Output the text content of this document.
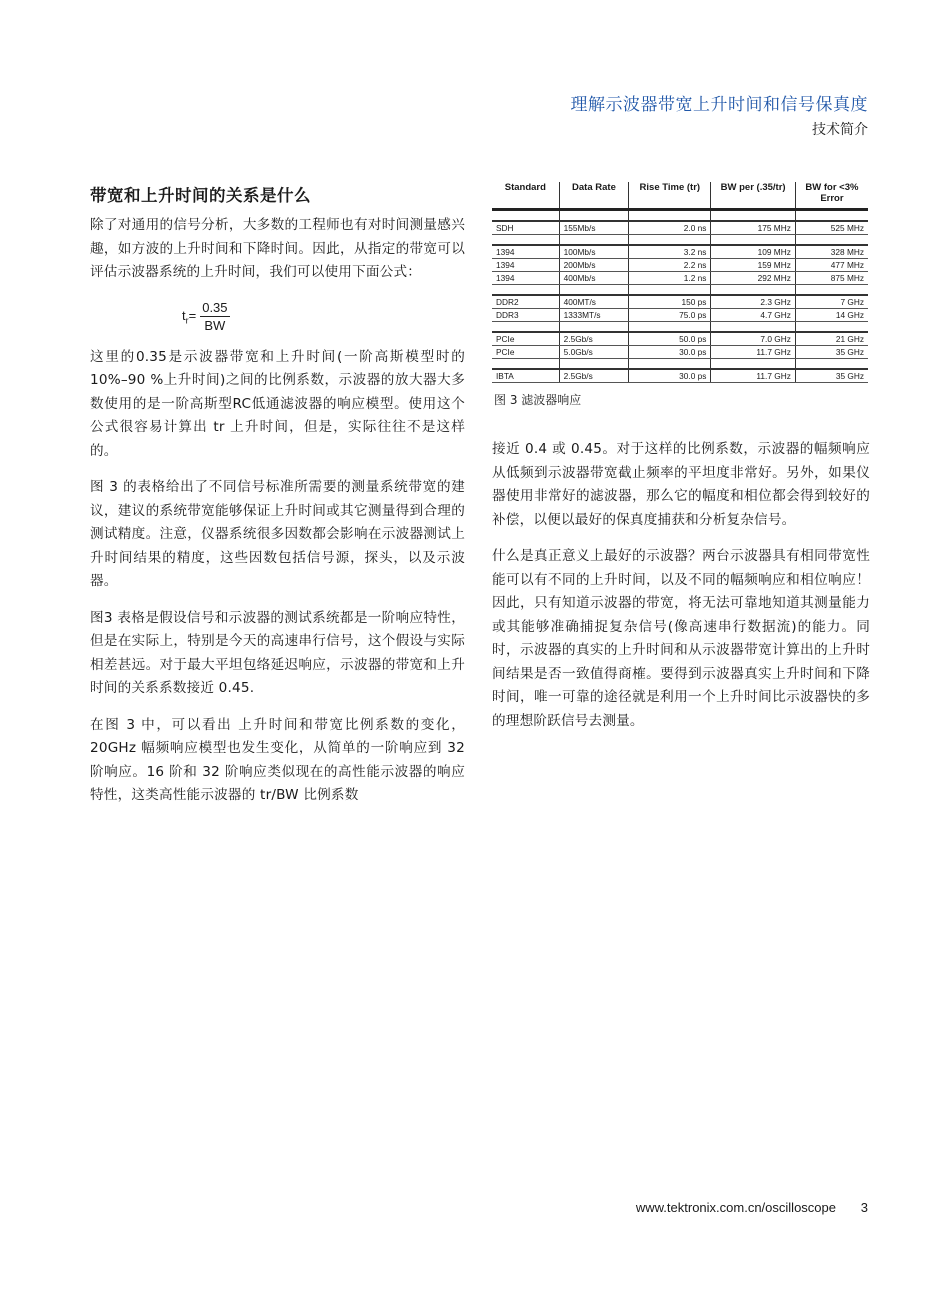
理解示波器带宽上升时间和信号保真度
技术简介
带宽和上升时间的关系是什么

除了对通用的信号分析，大多数的工程师也有对时间测量感兴趣，如方波的上升时间和下降时间。因此，从指定的带宽可以评估示波器系统的上升时间，我们可以使用下面公式：

$t_r= \frac{0.35}{BW}$

这里的0.35是示波器带宽和上升时间(一阶高斯模型时的 10%–90 %上升时间)之间的比例系数，示波器的放大器大多数使用的是一阶高斯型RC低通滤波器的响应模型。使用这个公式很容易计算出 tr 上升时间，但是，实际往往不是这样的。

图 3 的表格给出了不同信号标准所需要的测量系统带宽的建议，建议的系统带宽能够保证上升时间或其它测量得到合理的测试精度。注意，仪器系统很多因数都会影响在示波器测试上升时间结果的精度，这些因数包括信号源，探头，以及示波器。

图3 表格是假设信号和示波器的测试系统都是一阶响应特性，但是在实际上，特别是今天的高速串行信号，这个假设与实际相差甚远。对于最大平坦包络延迟响应，示波器的带宽和上升时间的关系系数接近 0.45.

在图 3 中，可以看出 上升时间和带宽比例系数的变化，20GHz 幅频响应模型也发生变化，从简单的一阶响应到 32 阶响应。16 阶和 32 阶响应类似现在的高性能示波器的响应特性，这类高性能示波器的 tr/BW 比例系数

Standard	Data Rate	Rise Time (tr)	BW per (.35/tr)	BW for <3% Error

SDH	155Mb/s	2.0 ns	175 MHz	525 MHz

1394	100Mb/s	3.2 ns	109 MHz	328 MHz
1394	200Mb/s	2.2 ns	159 MHz	477 MHz
1394	400Mb/s	1.2 ns	292 MHz	875 MHz

DDR2	400MT/s	150 ps	2.3 GHz	7 GHz
DDR3	1333MT/s	75.0 ps	4.7 GHz	14 GHz

PCIe	2.5Gb/s	50.0 ps	7.0 GHz	21 GHz
PCIe	5.0Gb/s	30.0 ps	11.7 GHz	35 GHz

IBTA	2.5Gb/s	30.0 ps	11.7 GHz	35 GHz
图 3 滤波器响应

接近 0.4 或 0.45。对于这样的比例系数，示波器的幅频响应从低频到示波器带宽截止频率的平坦度非常好。另外，如果仪器使用非常好的滤波器，那么它的幅度和相位都会得到较好的补偿，以便以最好的保真度捕获和分析复杂信号。

什么是真正意义上最好的示波器？两台示波器具有相同带宽性能可以有不同的上升时间，以及不同的幅频响应和相位响应！因此，只有知道示波器的带宽，将无法可靠地知道其测量能力或其能够准确捕捉复杂信号(像高速串行数据流)的能力。同时，示波器的真实的上升时间和从示波器带宽计算出的上升时间结果是否一致值得商榷。要得到示波器真实上升时间和下降时间，唯一可靠的途径就是利用一个上升时间比示波器快的多的理想阶跃信号去测量。

www.tektronix.com.cn/oscilloscope 3
